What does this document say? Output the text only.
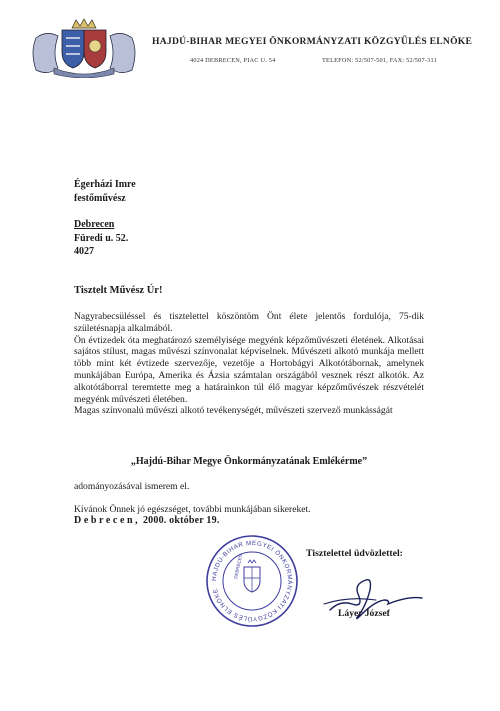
HAJDÚ-BIHAR MEGYEI ÖNKORMÁNYZATI KÖZGYŰLÉS ELNÖKE
4024 DEBRECEN, PIAC U. 54	TELEFON: 52/507-501, FAX: 52/507-311
Égerházi Imre
festőművész
Debrecen
Füredi u. 52.
4027
Tisztelt Művész Úr!

Nagyrabecsüléssel és tisztelettel köszöntöm Önt élete jelentős fordulója, 75-dik születésnapja alkalmából.

Ön évtizedek óta meghatározó személyisége megyénk képzőművészeti életének. Alkotásai sajátos stílust, magas művészi színvonalat képviselnek. Művészeti alkotó munkája mellett több mint két évtizede szervezője, vezetője a Hortobágyi Alkotótábornak, amelynek munkájában Európa, Amerika és Ázsia számtalan országából vesznek részt alkotók. Az alkotótáborral teremtette meg a határainkon túl élő magyar képzőművészek részvételét megyénk művészeti életében.

Magas színvonalú művészi alkotó tevékenységét, művészeti szervező munkásságát

„Hajdú-Bihar Megye Önkormányzatának Emlékérme”
adományozásával ismerem el.
Kívánok Önnek jó egészséget, további munkájában sikereket.
Debrecen, 2000. október 19.
HAJDÚ-BIHAR MEGYEI ÖNKORMÁNYZATI KÖZGYŰLÉS ELNÖKE
DEBRECEN
Tisztelettel üdvözlettel:
Láyer József
